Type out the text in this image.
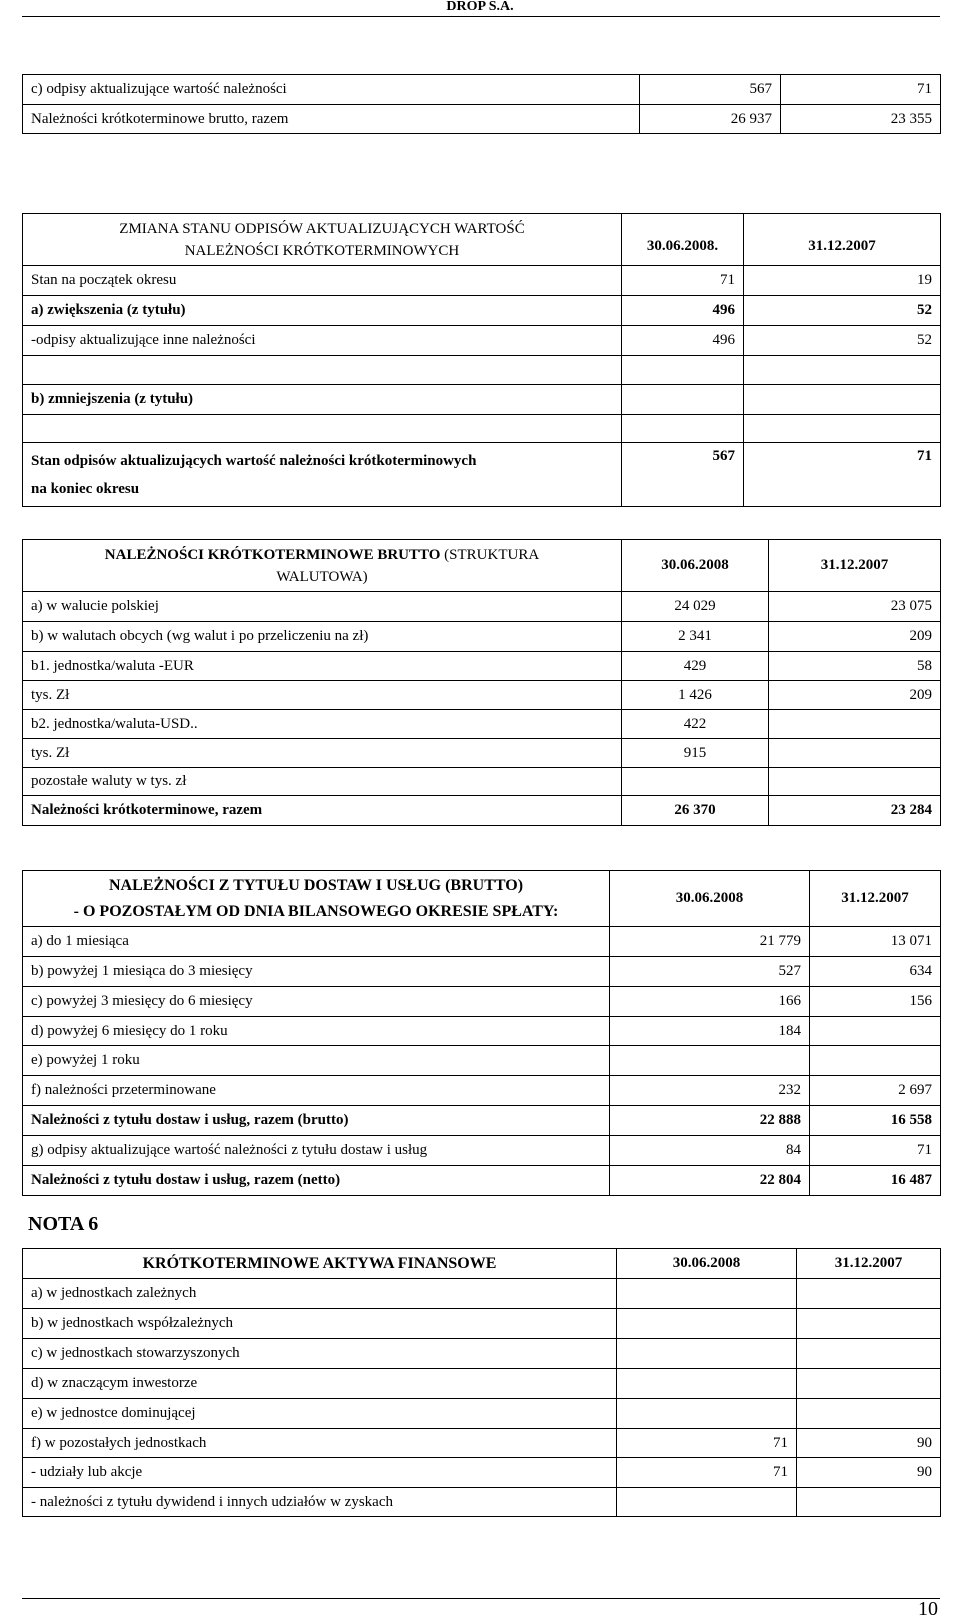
DROP S.A.
c) odpisy aktualizujące wartość należności	567	71
Należności krótkoterminowe brutto, razem	26 937	23 355
ZMIANA STANU ODPISÓW AKTUALIZUJĄCYCH WARTOŚĆ
NALEŻNOŚCI KRÓTKOTERMINOWYCH	30.06.2008.	31.12.2007
Stan na początek okresu	71	19
a) zwiększenia (z tytułu)	496	52
-odpisy aktualizujące inne należności	496	52

b) zmniejszenia (z tytułu)		

Stan odpisów aktualizujących wartość należności krótkoterminowych
na koniec okresu	567	71
NALEŻNOŚCI KRÓTKOTERMINOWE BRUTTO (STRUKTURA
WALUTOWA)	30.06.2008	31.12.2007
a) w walucie polskiej	24 029	23 075
b) w walutach obcych (wg walut i po przeliczeniu na zł)	2 341	209
b1. jednostka/waluta -EUR	429	58
tys. Zł	1 426	209
b2. jednostka/waluta-USD..	422	
tys. Zł	915	
pozostałe waluty w tys. zł		
Należności krótkoterminowe, razem	26 370	23 284
NALEŻNOŚCI Z TYTUŁU DOSTAW I USŁUG (BRUTTO)
- O POZOSTAŁYM OD DNIA BILANSOWEGO OKRESIE SPŁATY:	30.06.2008	31.12.2007
a) do 1 miesiąca	21 779	13 071
b) powyżej 1 miesiąca do 3 miesięcy	527	634
c) powyżej 3 miesięcy do 6 miesięcy	166	156
d) powyżej 6 miesięcy do 1 roku	184	
e) powyżej 1 roku		
f) należności przeterminowane	232	2 697
Należności z tytułu dostaw i usług, razem (brutto)	22 888	16 558
g) odpisy aktualizujące wartość należności z tytułu dostaw i usług	84	71
Należności z tytułu dostaw i usług, razem (netto)	22 804	16 487
NOTA 6
KRÓTKOTERMINOWE AKTYWA FINANSOWE	30.06.2008	31.12.2007
a) w jednostkach zależnych		
b) w jednostkach współzależnych		
c) w jednostkach stowarzyszonych		
d) w znaczącym inwestorze		
e) w jednostce dominującej		
f) w pozostałych jednostkach	71	90
- udziały lub akcje	71	90
- należności z tytułu dywidend i innych udziałów w zyskach		
10
